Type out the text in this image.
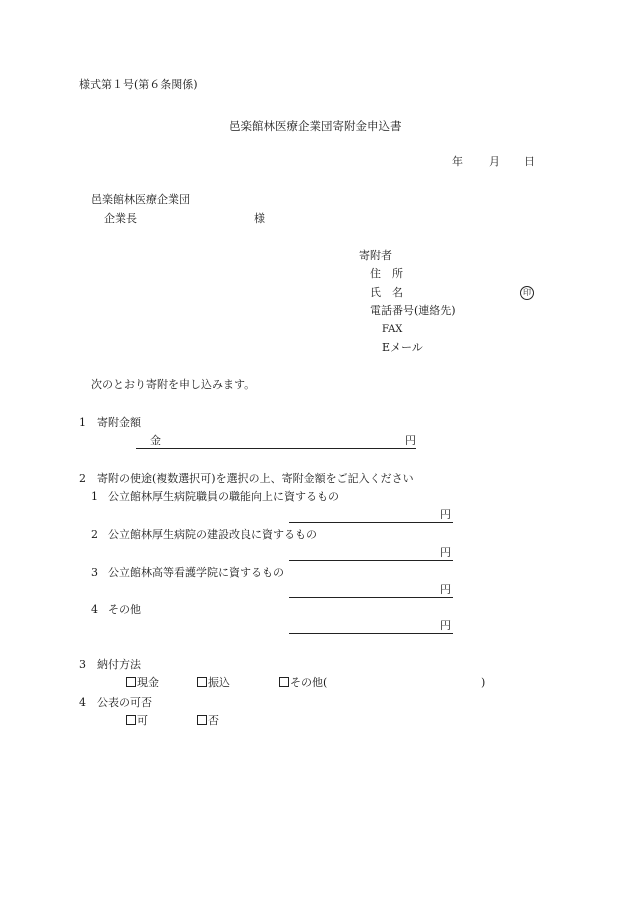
様式第１号(第６条関係)
邑楽館林医療企業団寄附金申込書
年 月 日
邑楽館林医療企業団
企業長	様
寄附者
住　所
氏　名	印
電話番号(連絡先)
FAX
Eメール
次のとおり寄附を申し込みます。
1 寄附金額
金	円
2 寄附の使途(複数選択可)を選択の上、寄附金額をご記入ください
1 公立館林厚生病院職員の職能向上に資するもの
円
2 公立館林厚生病院の建設改良に資するもの
円
3 公立館林高等看護学院に資するもの
円
4 その他
円
3 納付方法
現金	振込	その他(	)
4 公表の可否
可	否
